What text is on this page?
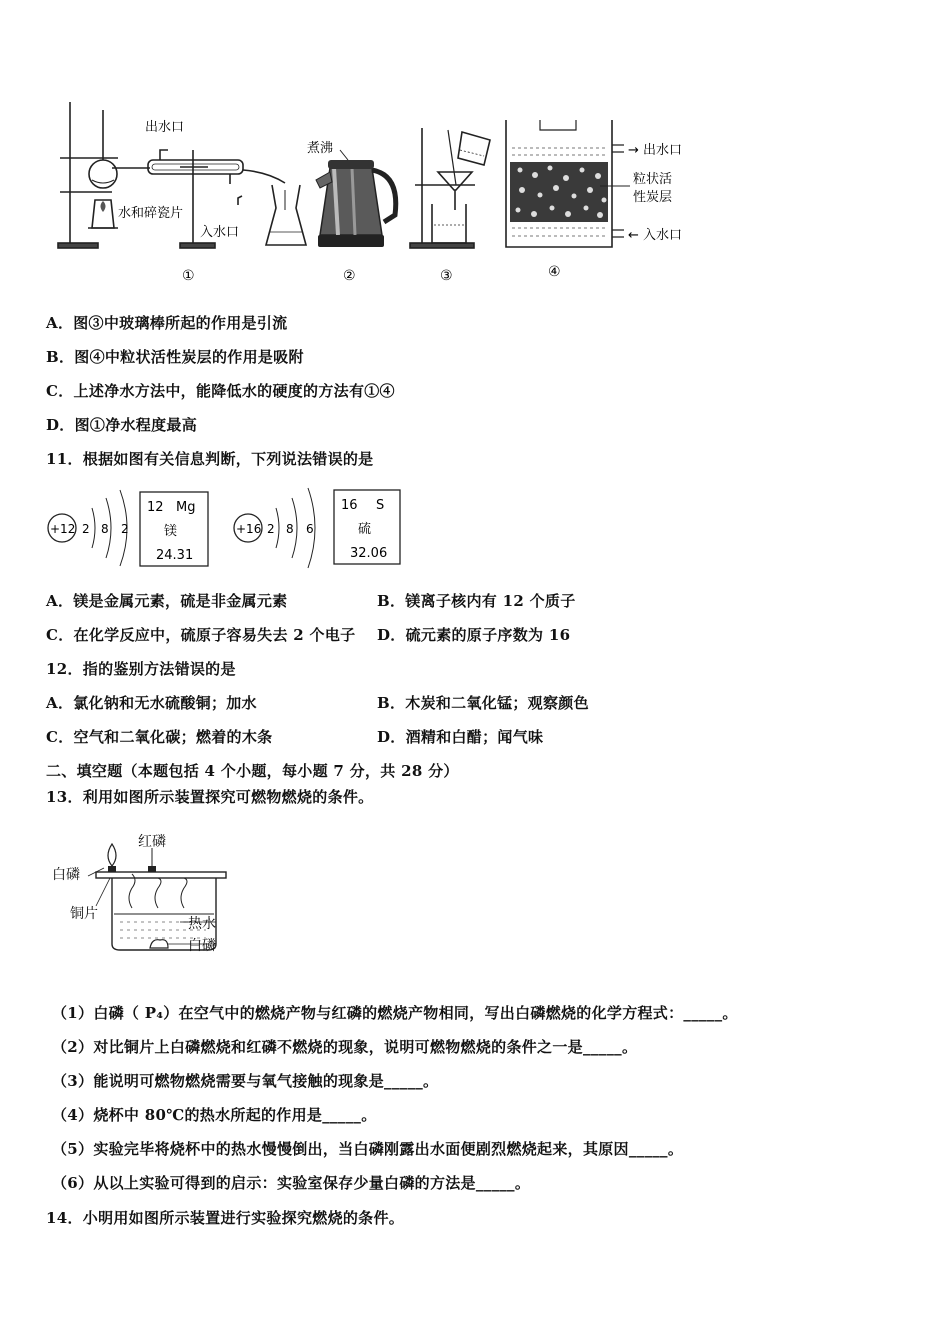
出水口
水和碎瓷片
入水口
①
煮沸
②	③
→ 出水口
粒状活
性炭层
← 入水口
④
A．图③中玻璃棒所起的作用是引流
B．图④中粒状活性炭层的作用是吸附
C．上述净水方法中，能降低水的硬度的方法有①④
D．图①净水程度最高
11．根据如图有关信息判断，下列说法错误的是
+12 2 8 2
12 Mg
镁
24.31
+16 2 8 6
16 S
硫
32.06
A．镁是金属元素，硫是非金属元素	B．镁离子核内有 12 个质子
C．在化学反应中，硫原子容易失去 2 个电子 D．硫元素的原子序数为 16
12．指的鉴别方法错误的是
A．氯化钠和无水硫酸铜；加水	B．木炭和二氧化锰；观察颜色
C．空气和二氧化碳；燃着的木条	D．酒精和白醋；闻气味
二、填空题（本题包括 4 个小题，每小题 7 分，共 28 分）
13．利用如图所示装置探究可燃物燃烧的条件。
红磷
白磷
铜片
热水
白磷
（1）白磷（ P₄）在空气中的燃烧产物与红磷的燃烧产物相同，写出白磷燃烧的化学方程式：_____。
（2）对比铜片上白磷燃烧和红磷不燃烧的现象，说明可燃物燃烧的条件之一是_____。
（3）能说明可燃物燃烧需要与氧气接触的现象是_____。
（4）烧杯中 80℃的热水所起的作用是_____。
（5）实验完毕将烧杯中的热水慢慢倒出，当白磷刚露出水面便剧烈燃烧起来，其原因_____。
（6）从以上实验可得到的启示：实验室保存少量白磷的方法是_____。
14．小明用如图所示装置进行实验探究燃烧的条件。
